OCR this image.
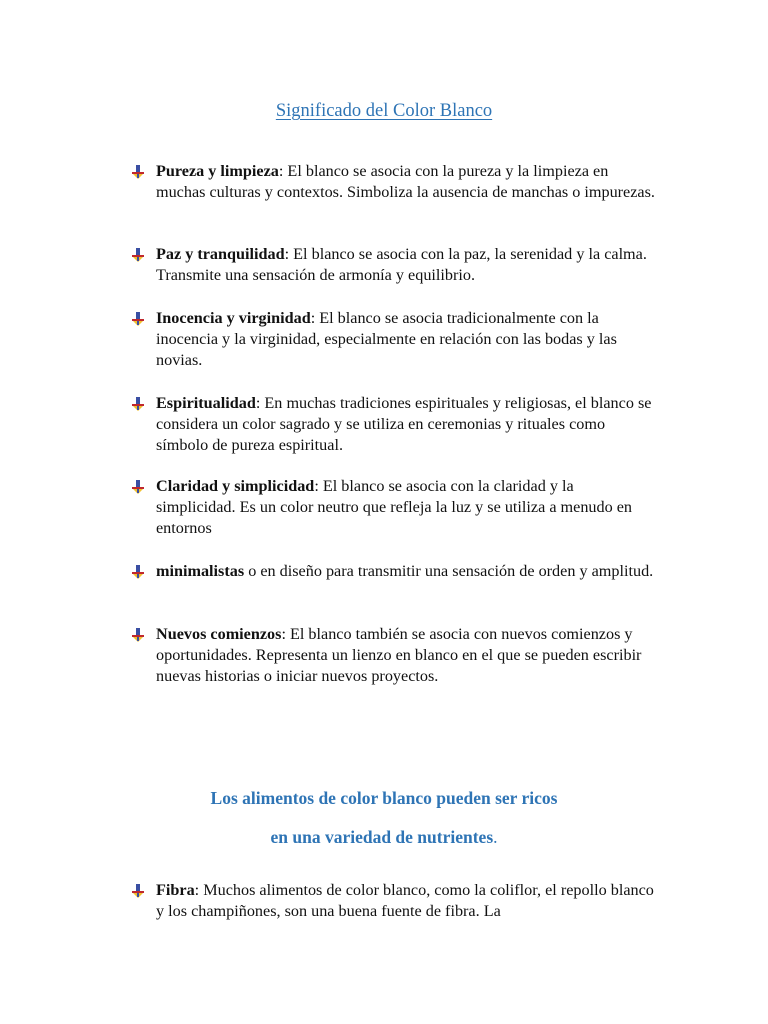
Significado del Color Blanco
Pureza y limpieza: El blanco se asocia con la pureza y la limpieza en muchas culturas y contextos. Simboliza la ausencia de manchas o impurezas.
Paz y tranquilidad: El blanco se asocia con la paz, la serenidad y la calma. Transmite una sensación de armonía y equilibrio.
Inocencia y virginidad: El blanco se asocia tradicionalmente con la inocencia y la virginidad, especialmente en relación con las bodas y las novias.
Espiritualidad: En muchas tradiciones espirituales y religiosas, el blanco se considera un color sagrado y se utiliza en ceremonias y rituales como símbolo de pureza espiritual.
Claridad y simplicidad: El blanco se asocia con la claridad y la simplicidad. Es un color neutro que refleja la luz y se utiliza a menudo en entornos
minimalistas o en diseño para transmitir una sensación de orden y amplitud.
Nuevos comienzos: El blanco también se asocia con nuevos comienzos y oportunidades. Representa un lienzo en blanco en el que se pueden escribir nuevas historias o iniciar nuevos proyectos.
Los alimentos de color blanco pueden ser ricos
en una variedad de nutrientes.
Fibra: Muchos alimentos de color blanco, como la coliflor, el repollo blanco y los champiñones, son una buena fuente de fibra. La
